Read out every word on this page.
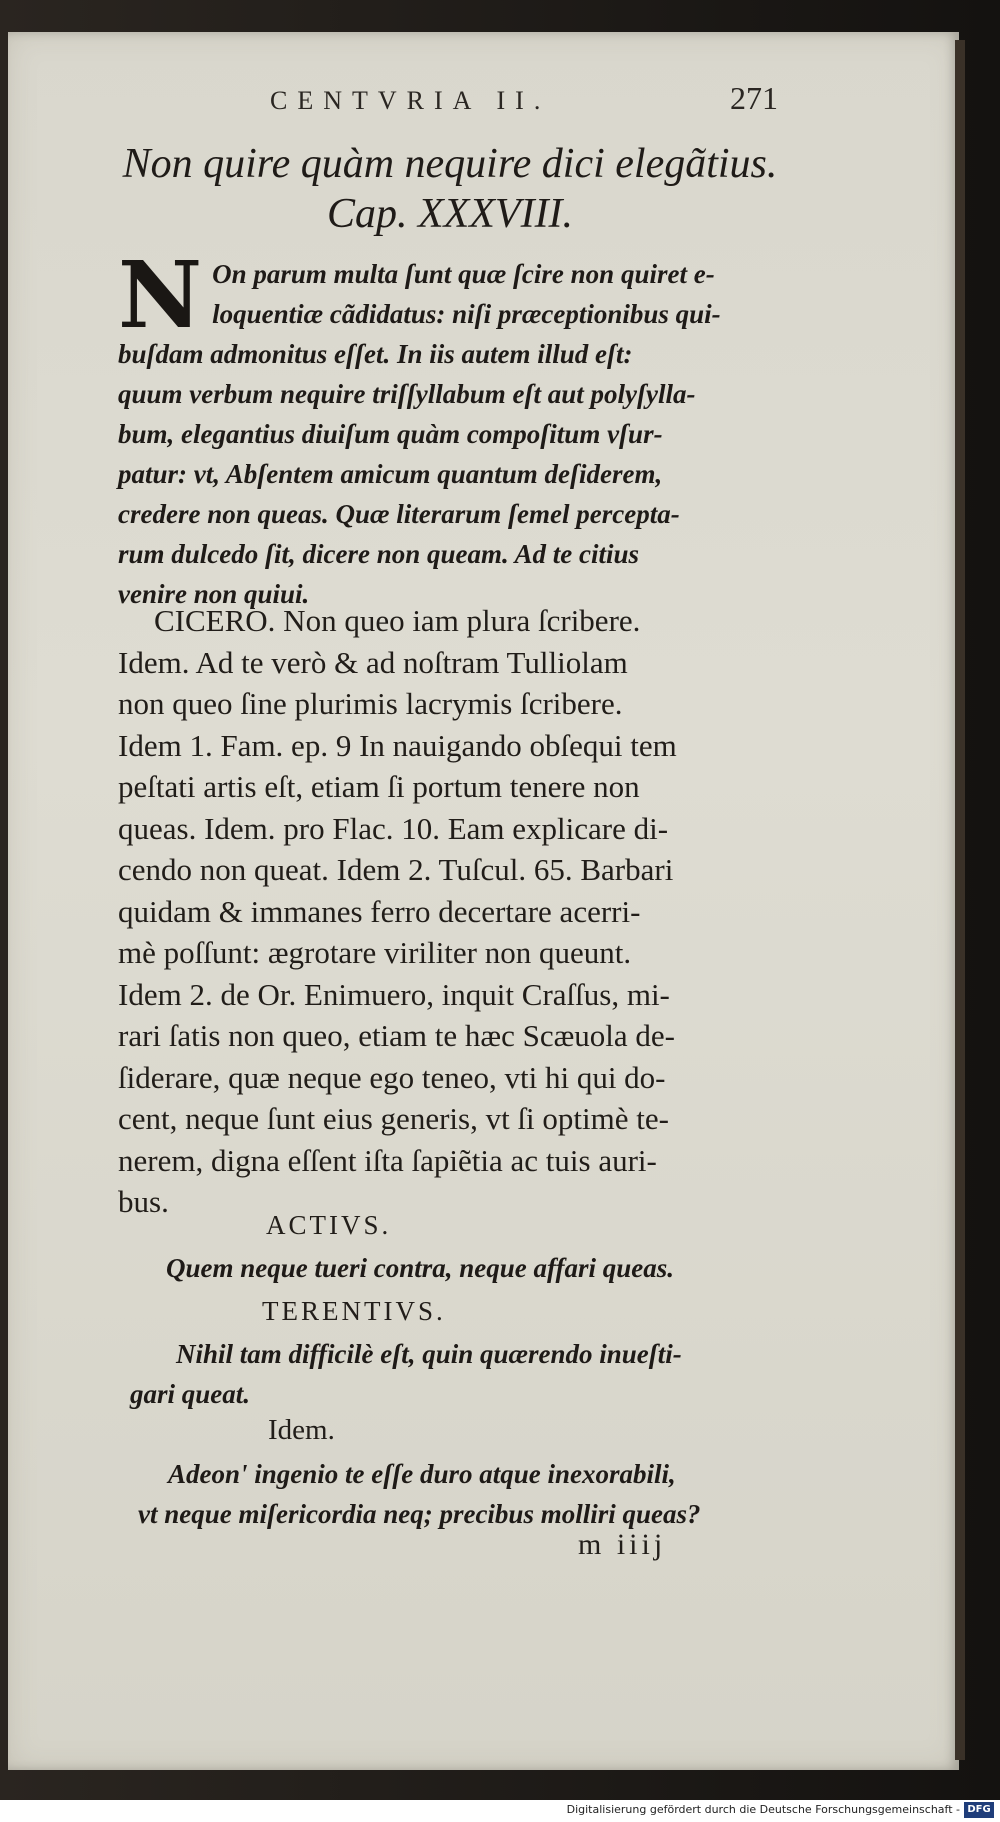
CENTVRIA II.	271
Non quire quàm nequire dici elegãtius.
Cap. XXXVIII.
N On parum multa ſunt quæ ſcire non quiret e-
loquentiæ cãdidatus: niſi præceptionibus qui-
buſdam admonitus eſſet. In iis autem illud eſt:
quum verbum nequire triſſyllabum eſt aut polyſylla-
bum, elegantius diuiſum quàm compoſitum vſur-
patur: vt, Abſentem amicum quantum deſiderem,
credere non queas. Quæ literarum ſemel percepta-
rum dulcedo ſit, dicere non queam. Ad te citius
venire non quiui.
CICERO. Non queo iam plura ſcribere.
Idem. Ad te verò & ad noſtram Tulliolam
non queo ſine plurimis lacrymis ſcribere.
Idem 1. Fam. ep. 9 In nauigando obſequi tem
peſtati artis eſt, etiam ſi portum tenere non
queas. Idem. pro Flac. 10. Eam explicare di-
cendo non queat. Idem 2. Tuſcul. 65. Barbari
quidam & immanes ferro decertare acerri-
mè poſſunt: ægrotare viriliter non queunt.
Idem 2. de Or. Enimuero, inquit Craſſus, mi-
rari ſatis non queo, etiam te hæc Scæuola de-
ſiderare, quæ neque ego teneo, vti hi qui do-
cent, neque ſunt eius generis, vt ſi optimè te-
nerem, digna eſſent iſta ſapiẽtia ac tuis auri-
bus.
ACTIVS.
Quem neque tueri contra, neque affari queas.
TERENTIVS.
Nihil tam difficilè eſt, quin quærendo inueſti-
gari queat.
Idem.
Adeon' ingenio te eſſe duro atque inexorabili,
vt neque miſericordia neq; precibus molliri queas?
m iiij
Digitalisierung gefördert durch die Deutsche Forschungsgemeinschaft - DFG
